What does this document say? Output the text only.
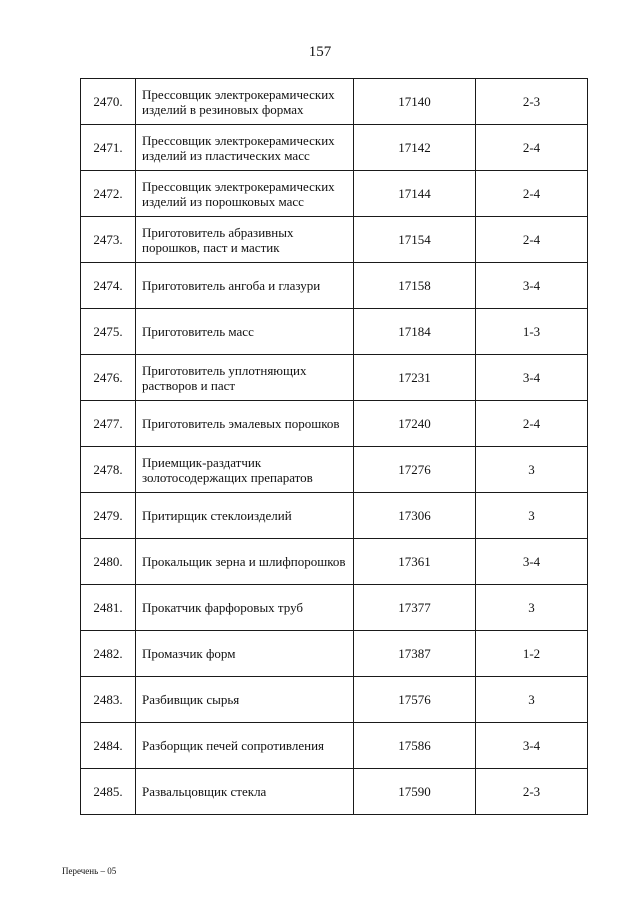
157
2470.	Прессовщик электрокерамических изделий в резиновых формах	17140	2-3
2471.	Прессовщик электрокерамических изделий из пластических масс	17142	2-4
2472.	Прессовщик электрокерамических изделий из порошковых масс	17144	2-4
2473.	Приготовитель абразивных порошков, паст и мастик	17154	2-4
2474.	Приготовитель ангоба и глазури	17158	3-4
2475.	Приготовитель масс	17184	1-3
2476.	Приготовитель уплотняющих растворов и паст	17231	3-4
2477.	Приготовитель эмалевых порошков	17240	2-4
2478.	Приемщик-раздатчик золотосодержащих препаратов	17276	3
2479.	Притирщик стеклоизделий	17306	3
2480.	Прокальщик зерна и шлифпорошков	17361	3-4
2481.	Прокатчик фарфоровых труб	17377	3
2482.	Промазчик форм	17387	1-2
2483.	Разбивщик сырья	17576	3
2484.	Разборщик печей сопротивления	17586	3-4
2485.	Развальцовщик стекла	17590	2-3
Перечень – 05
